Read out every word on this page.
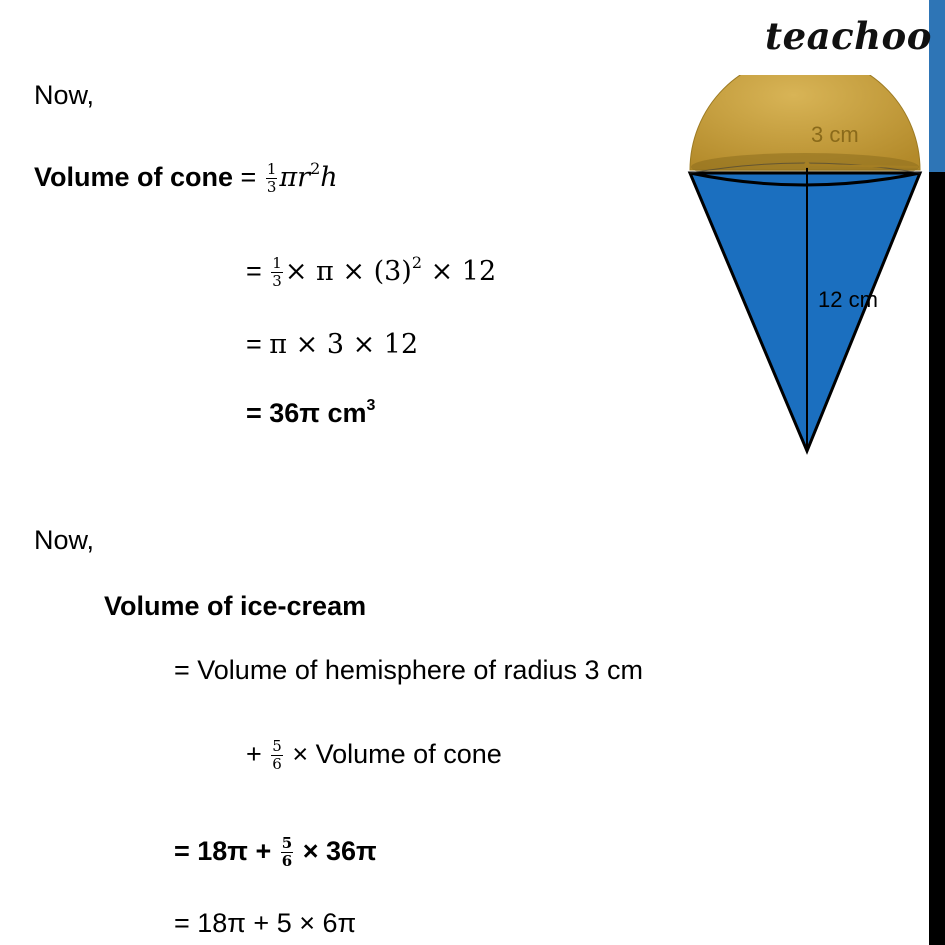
teachoo
Now,
Volume of cone = $\frac{1}{3} \pi r^2h$
= $\frac{1}{3} \times \pi \times (3)^2 \times 12$
= π × 3 × 12
= 36π $cm^3$
Now,
Volume of ice-cream
= Volume of hemisphere of radius 3 cm
+ $\frac{5}{6}$ × Volume of cone
= $18\pi + \frac{5}{6} \times 36\pi$
= 18π + 5 × 6π
3 cm
12 cm
